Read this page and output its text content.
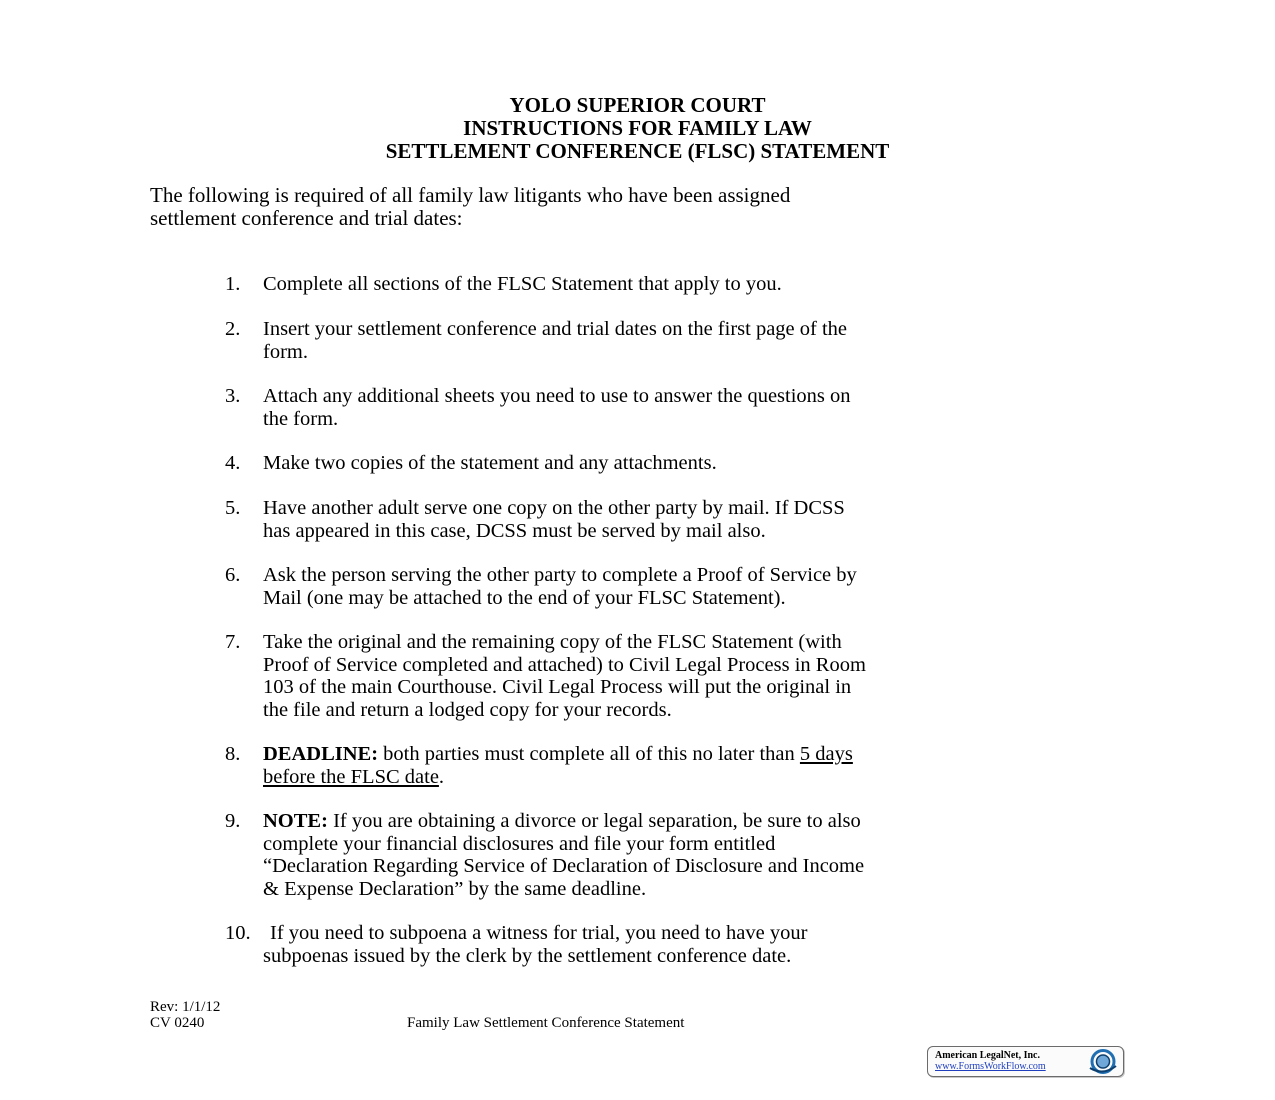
YOLO SUPERIOR COURT
INSTRUCTIONS FOR FAMILY LAW
SETTLEMENT CONFERENCE (FLSC) STATEMENT
The following is required of all family law litigants who have been assigned
settlement conference and trial dates:
1. Complete all sections of the FLSC Statement that apply to you.
2. Insert your settlement conference and trial dates on the first page of the
form.
3. Attach any additional sheets you need to use to answer the questions on
the form.
4. Make two copies of the statement and any attachments.
5. Have another adult serve one copy on the other party by mail. If DCSS
has appeared in this case, DCSS must be served by mail also.
6. Ask the person serving the other party to complete a Proof of Service by
Mail (one may be attached to the end of your FLSC Statement).
7. Take the original and the remaining copy of the FLSC Statement (with
Proof of Service completed and attached) to Civil Legal Process in Room
103 of the main Courthouse. Civil Legal Process will put the original in
the file and return a lodged copy for your records.
8. DEADLINE: both parties must complete all of this no later than 5 days
before the FLSC date.
9. NOTE: If you are obtaining a divorce or legal separation, be sure to also
complete your financial disclosures and file your form entitled
“Declaration Regarding Service of Declaration of Disclosure and Income
& Expense Declaration” by the same deadline.
10. If you need to subpoena a witness for trial, you need to have your
subpoenas issued by the clerk by the settlement conference date.
Rev: 1/1/12
CV 0240	Family Law Settlement Conference Statement
American LegalNet, Inc.
www.FormsWorkFlow.com
